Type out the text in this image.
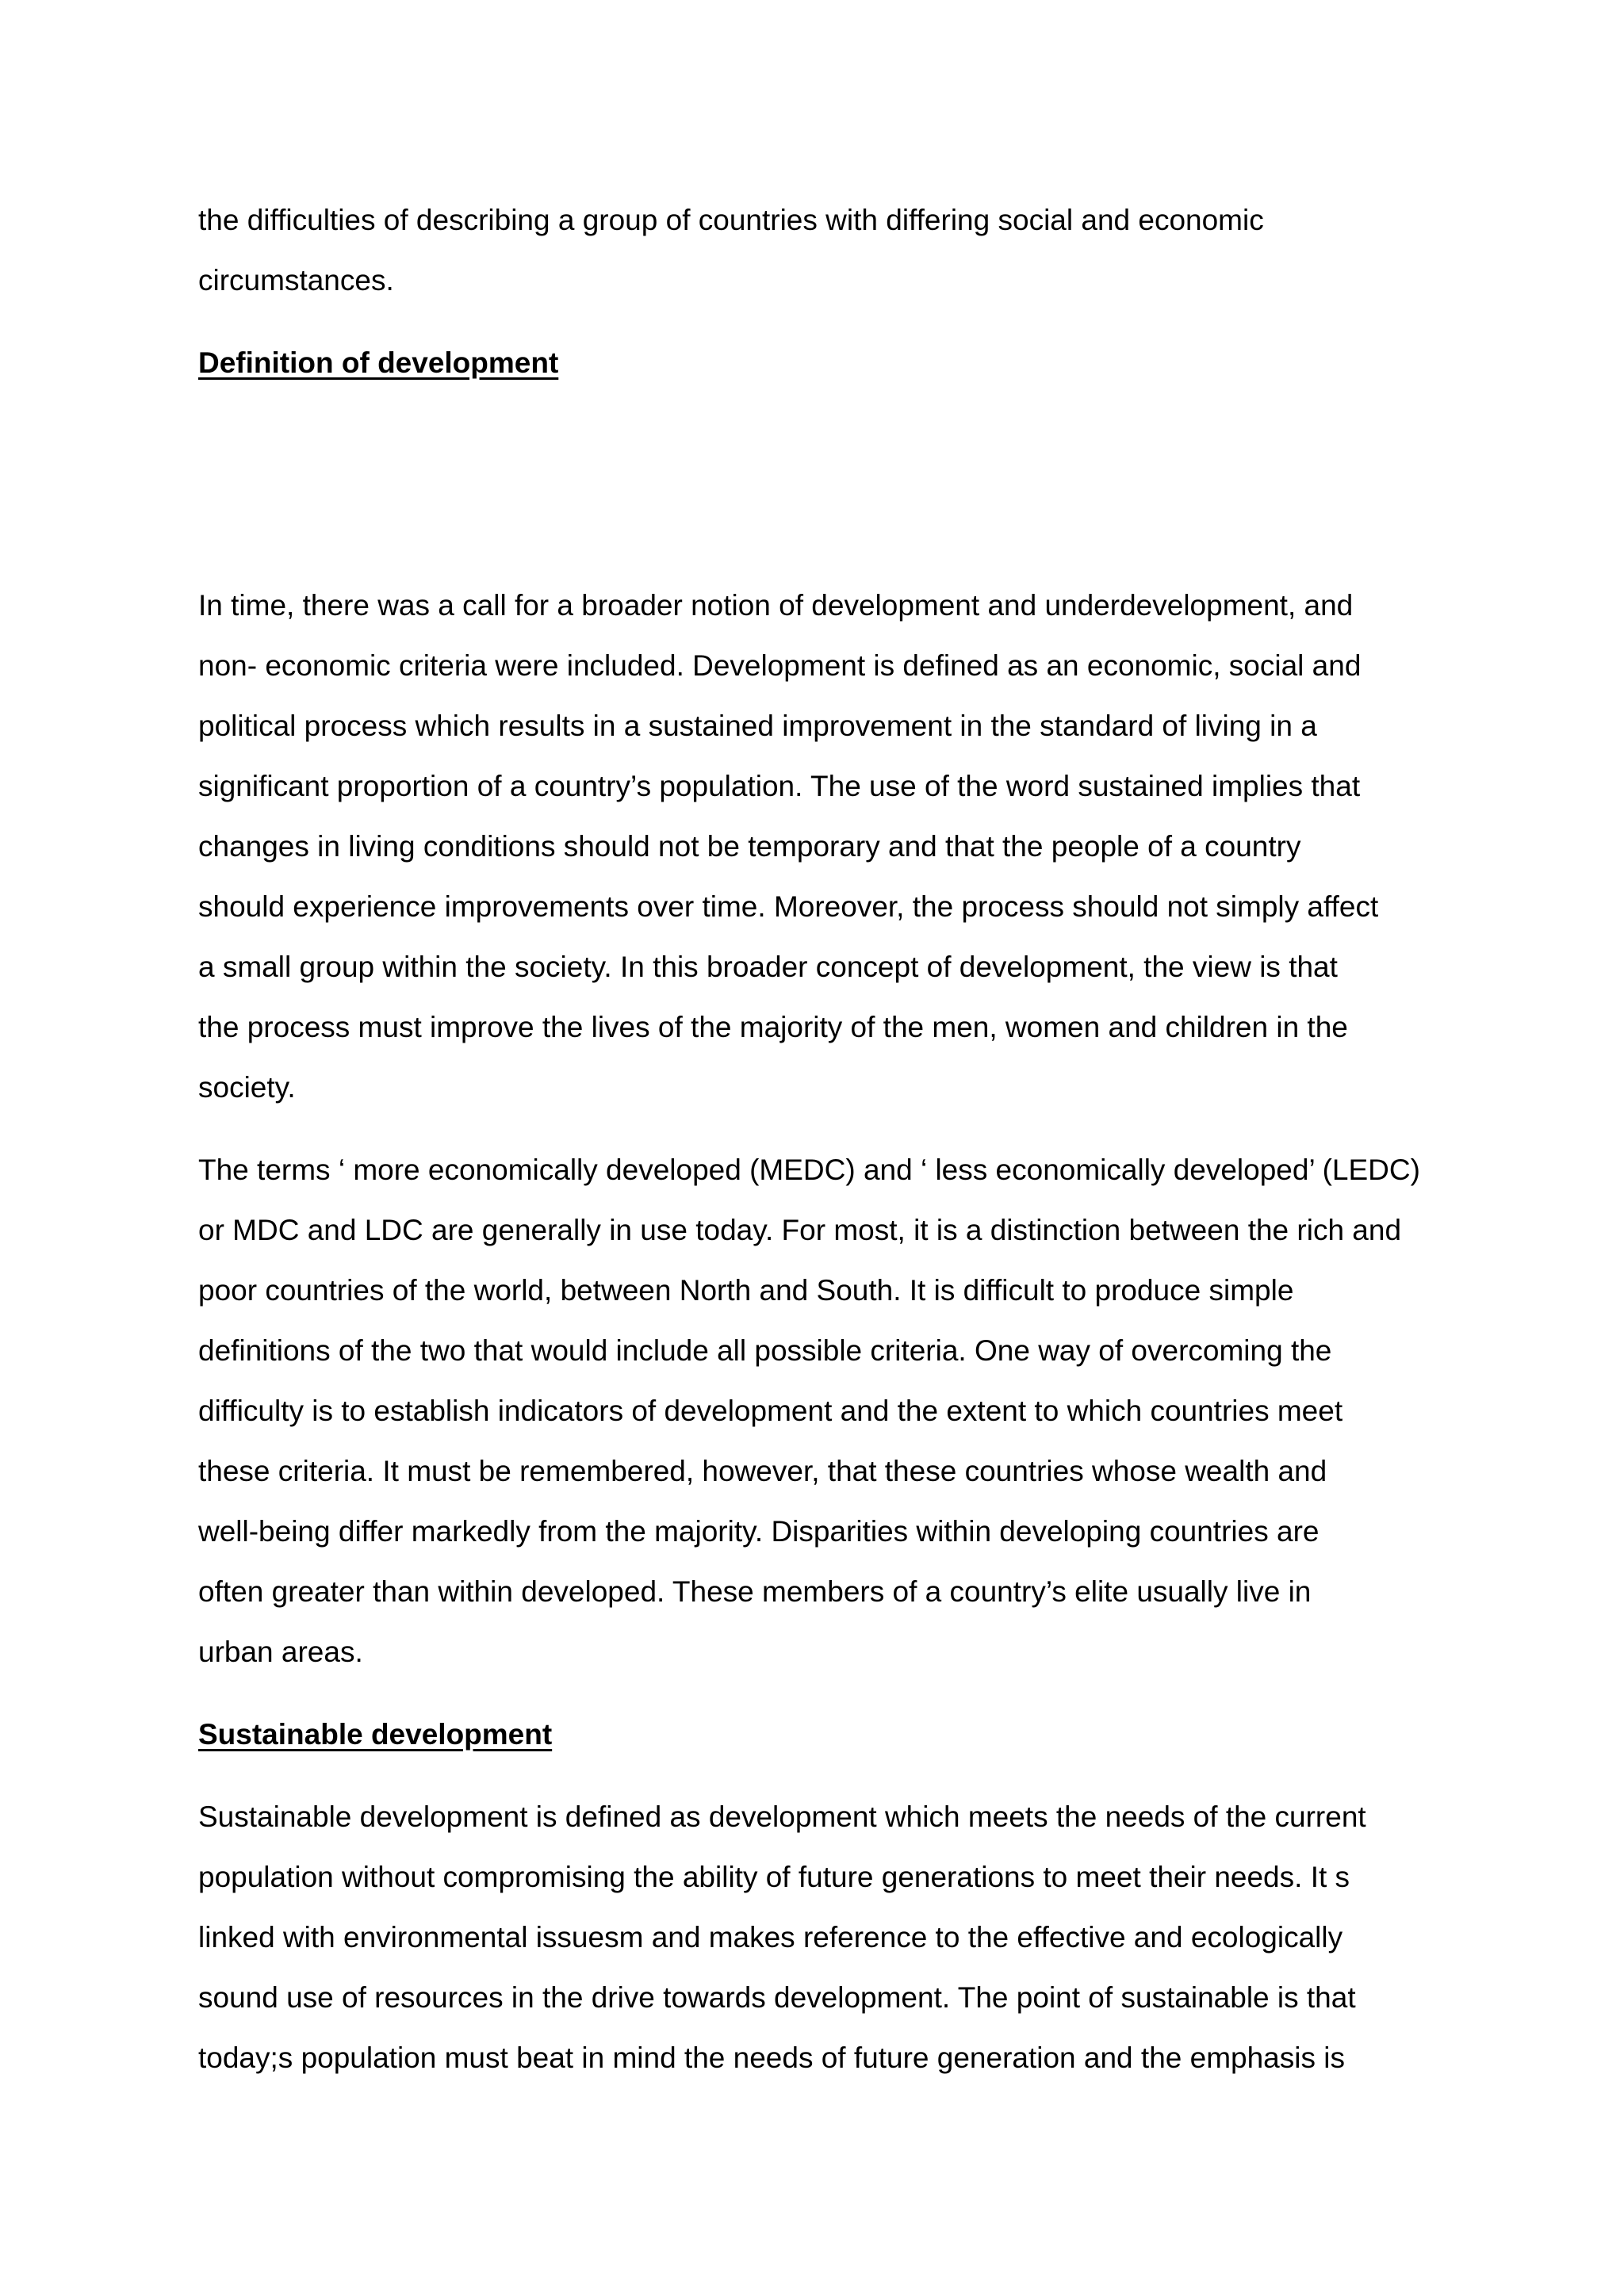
the difficulties of describing a group of countries with differing social and economic
circumstances.

Definition of development

In time, there was a call for a broader notion of development and underdevelopment, and
non- economic criteria were included. Development is defined as an economic, social and
political process which results in a sustained improvement in the standard of living in a
significant proportion of a country’s population. The use of the word sustained implies that
changes in living conditions should not be temporary and that the people of a country
should experience improvements over time. Moreover, the process should not simply affect
a small group within the society. In this broader concept of development, the view is that
the process must improve the lives of the majority of the men, women and children in the
society.

The terms ‘ more economically developed (MEDC) and ‘ less economically developed’ (LEDC)
or MDC and LDC are generally in use today. For most, it is a distinction between the rich and
poor countries of the world, between North and South. It is difficult to produce simple
definitions of the two that would include all possible criteria. One way of overcoming the
difficulty is to establish indicators of development and the extent to which countries meet
these criteria. It must be remembered, however, that these countries whose wealth and
well-being differ markedly from the majority. Disparities within developing countries are
often greater than within developed. These members of a country’s elite usually live in
urban areas.

Sustainable development

Sustainable development is defined as development which meets the needs of the current
population without compromising the ability of future generations to meet their needs. It s
linked with environmental issuesm and makes reference to the effective and ecologically
sound use of resources in the drive towards development. The point of sustainable is that
today;s population must beat in mind the needs of future generation and the emphasis is
